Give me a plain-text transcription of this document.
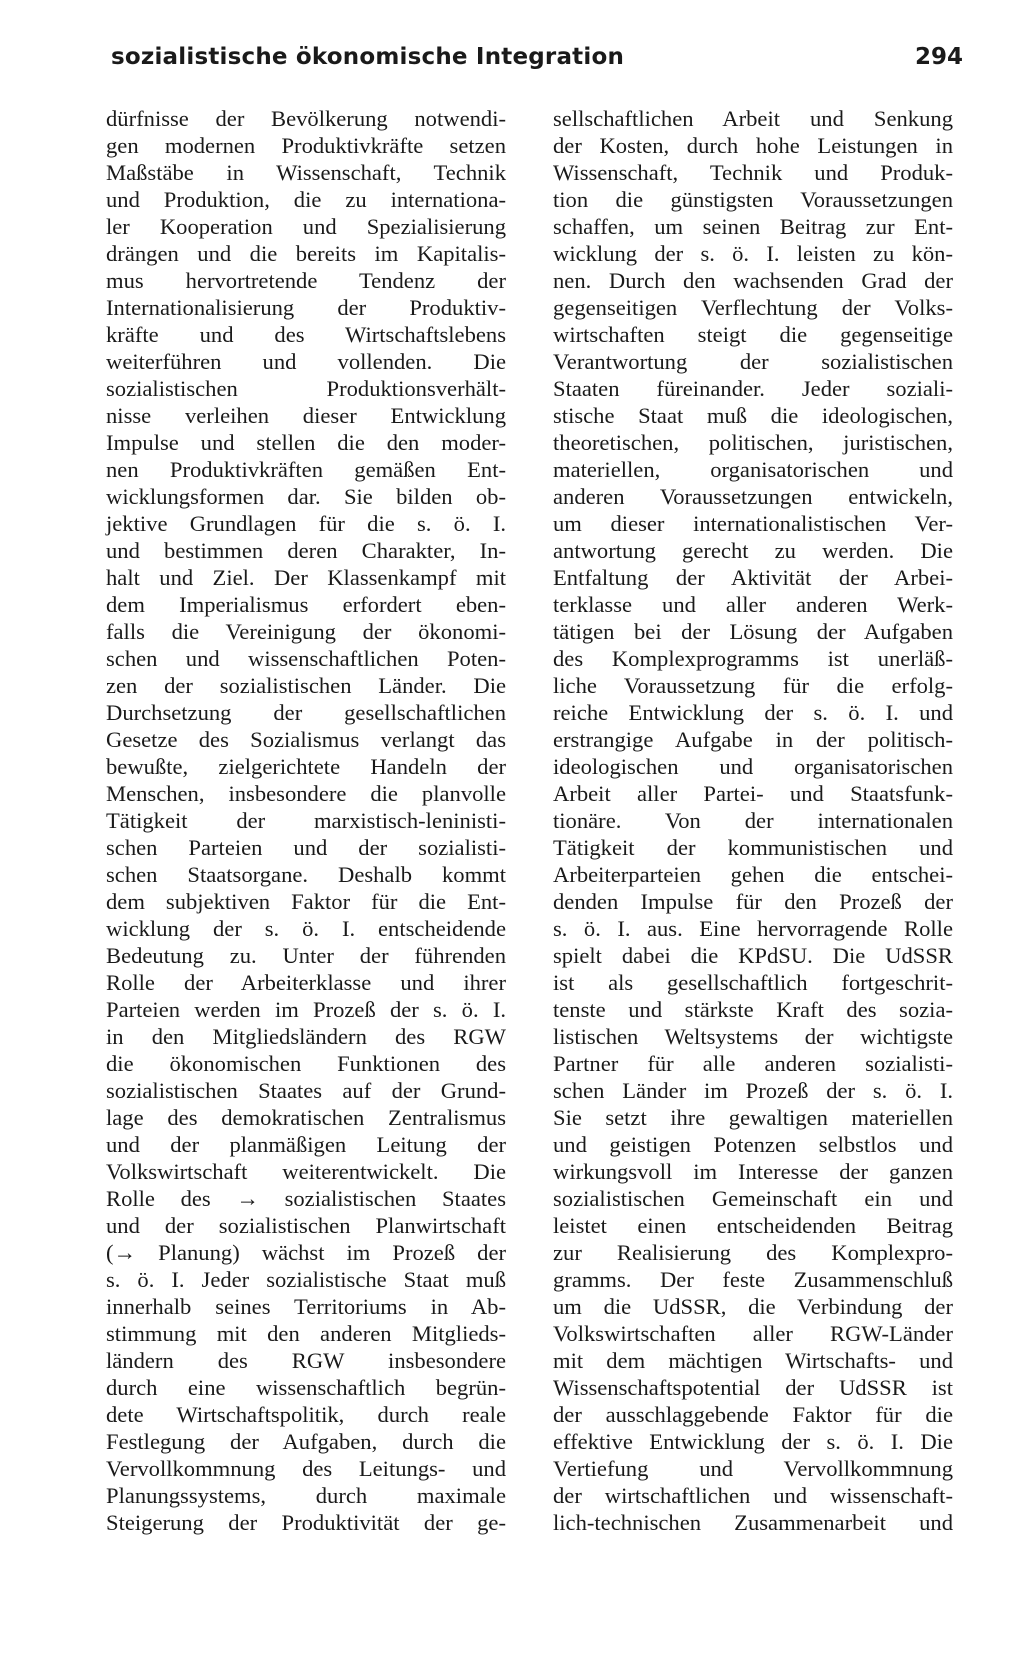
sozialistische ökonomische Integration	294
dürfnisse der Bevölkerung notwendi-
gen modernen Produktivkräfte setzen
Maßstäbe in Wissenschaft, Technik
und Produktion, die zu internationa-
ler Kooperation und Spezialisierung
drängen und die bereits im Kapitalis-
mus hervortretende Tendenz der
Internationalisierung der Produktiv-
kräfte und des Wirtschaftslebens
weiterführen und vollenden. Die
sozialistischen Produktionsverhält-
nisse verleihen dieser Entwicklung
Impulse und stellen die den moder-
nen Produktivkräften gemäßen Ent-
wicklungsformen dar. Sie bilden ob-
jektive Grundlagen für die s. ö. I.
und bestimmen deren Charakter, In-
halt und Ziel. Der Klassenkampf mit
dem Imperialismus erfordert eben-
falls die Vereinigung der ökonomi-
schen und wissenschaftlichen Poten-
zen der sozialistischen Länder. Die
Durchsetzung der gesellschaftlichen
Gesetze des Sozialismus verlangt das
bewußte, zielgerichtete Handeln der
Menschen, insbesondere die planvolle
Tätigkeit der marxistisch-leninisti-
schen Parteien und der sozialisti-
schen Staatsorgane. Deshalb kommt
dem subjektiven Faktor für die Ent-
wicklung der s. ö. I. entscheidende
Bedeutung zu. Unter der führenden
Rolle der Arbeiterklasse und ihrer
Parteien werden im Prozeß der s. ö. I.
in den Mitgliedsländern des RGW
die ökonomischen Funktionen des
sozialistischen Staates auf der Grund-
lage des demokratischen Zentralismus
und der planmäßigen Leitung der
Volkswirtschaft weiterentwickelt. Die
Rolle des → sozialistischen Staates
und der sozialistischen Planwirtschaft
(→ Planung) wächst im Prozeß der
s. ö. I. Jeder sozialistische Staat muß
innerhalb seines Territoriums in Ab-
stimmung mit den anderen Mitglieds-
ländern des RGW insbesondere
durch eine wissenschaftlich begrün-
dete Wirtschaftspolitik, durch reale
Festlegung der Aufgaben, durch die
Vervollkommnung des Leitungs- und
Planungssystems, durch maximale
Steigerung der Produktivität der ge-
sellschaftlichen Arbeit und Senkung
der Kosten, durch hohe Leistungen in
Wissenschaft, Technik und Produk-
tion die günstigsten Voraussetzungen
schaffen, um seinen Beitrag zur Ent-
wicklung der s. ö. I. leisten zu kön-
nen. Durch den wachsenden Grad der
gegenseitigen Verflechtung der Volks-
wirtschaften steigt die gegenseitige
Verantwortung der sozialistischen
Staaten füreinander. Jeder soziali-
stische Staat muß die ideologischen,
theoretischen, politischen, juristischen,
materiellen, organisatorischen und
anderen Voraussetzungen entwickeln,
um dieser internationalistischen Ver-
antwortung gerecht zu werden. Die
Entfaltung der Aktivität der Arbei-
terklasse und aller anderen Werk-
tätigen bei der Lösung der Aufgaben
des Komplexprogramms ist unerläß-
liche Voraussetzung für die erfolg-
reiche Entwicklung der s. ö. I. und
erstrangige Aufgabe in der politisch-
ideologischen und organisatorischen
Arbeit aller Partei- und Staatsfunk-
tionäre. Von der internationalen
Tätigkeit der kommunistischen und
Arbeiterparteien gehen die entschei-
denden Impulse für den Prozeß der
s. ö. I. aus. Eine hervorragende Rolle
spielt dabei die KPdSU. Die UdSSR
ist als gesellschaftlich fortgeschrit-
tenste und stärkste Kraft des sozia-
listischen Weltsystems der wichtigste
Partner für alle anderen sozialisti-
schen Länder im Prozeß der s. ö. I.
Sie setzt ihre gewaltigen materiellen
und geistigen Potenzen selbstlos und
wirkungsvoll im Interesse der ganzen
sozialistischen Gemeinschaft ein und
leistet einen entscheidenden Beitrag
zur Realisierung des Komplexpro-
gramms. Der feste Zusammenschluß
um die UdSSR, die Verbindung der
Volkswirtschaften aller RGW-Länder
mit dem mächtigen Wirtschafts- und
Wissenschaftspotential der UdSSR ist
der ausschlaggebende Faktor für die
effektive Entwicklung der s. ö. I. Die
Vertiefung und Vervollkommnung
der wirtschaftlichen und wissenschaft-
lich-technischen Zusammenarbeit und
